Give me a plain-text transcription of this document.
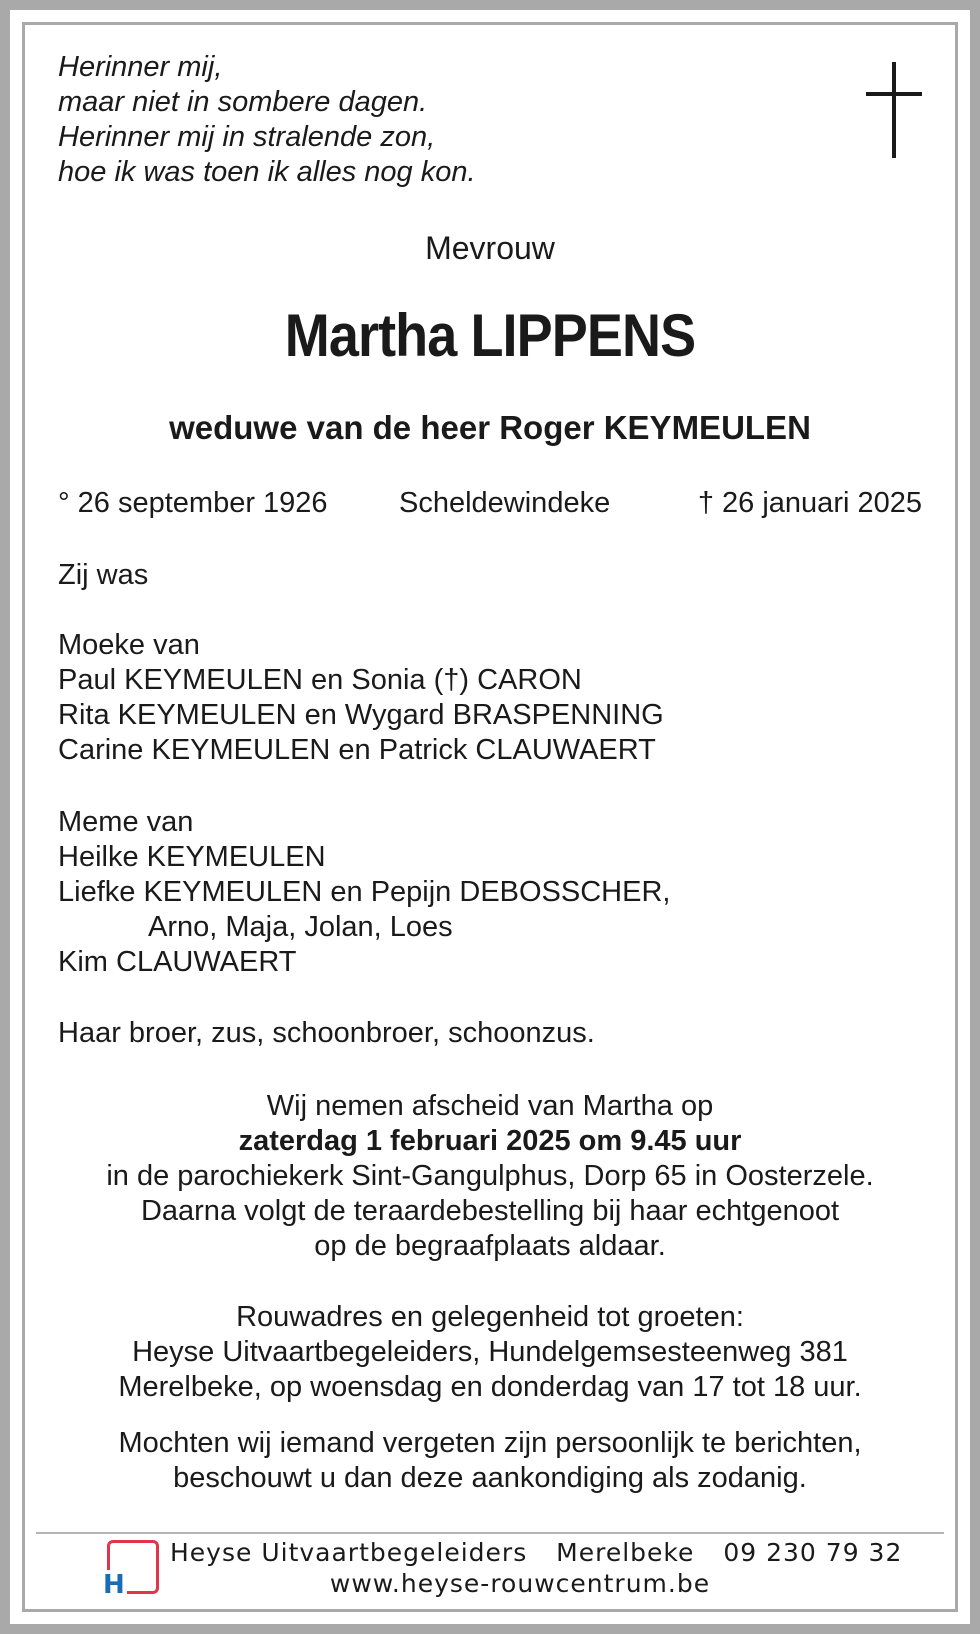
Herinner mij,
maar niet in sombere dagen.
Herinner mij in stralende zon,
hoe ik was toen ik alles nog kon.
Mevrouw
Martha LIPPENS
weduwe van de heer Roger KEYMEULEN
° 26 september 1926 Scheldewindeke	† 26 januari 2025
Zij was
Moeke van
Paul KEYMEULEN en Sonia (†) CARON
Rita KEYMEULEN en Wygard BRASPENNING
Carine KEYMEULEN en Patrick CLAUWAERT
Meme van
Heilke KEYMEULEN
Liefke KEYMEULEN en Pepijn DEBOSSCHER,
Arno, Maja, Jolan, Loes
Kim CLAUWAERT
Haar broer, zus, schoonbroer, schoonzus.
Wij nemen afscheid van Martha op
zaterdag 1 februari 2025 om 9.45 uur
in de parochiekerk Sint-Gangulphus, Dorp 65 in Oosterzele.
Daarna volgt de teraardebestelling bij haar echtgenoot
op de begraafplaats aldaar.
Rouwadres en gelegenheid tot groeten:
Heyse Uitvaartbegeleiders, Hundelgemsesteenweg 381
Merelbeke, op woensdag en donderdag van 17 tot 18 uur.
Mochten wij iemand vergeten zijn persoonlijk te berichten,
beschouwt u dan deze aankondiging als zodanig.
H
Heyse Uitvaartbegeleiders Merelbeke 09 230 79 32
www.heyse-rouwcentrum.be
